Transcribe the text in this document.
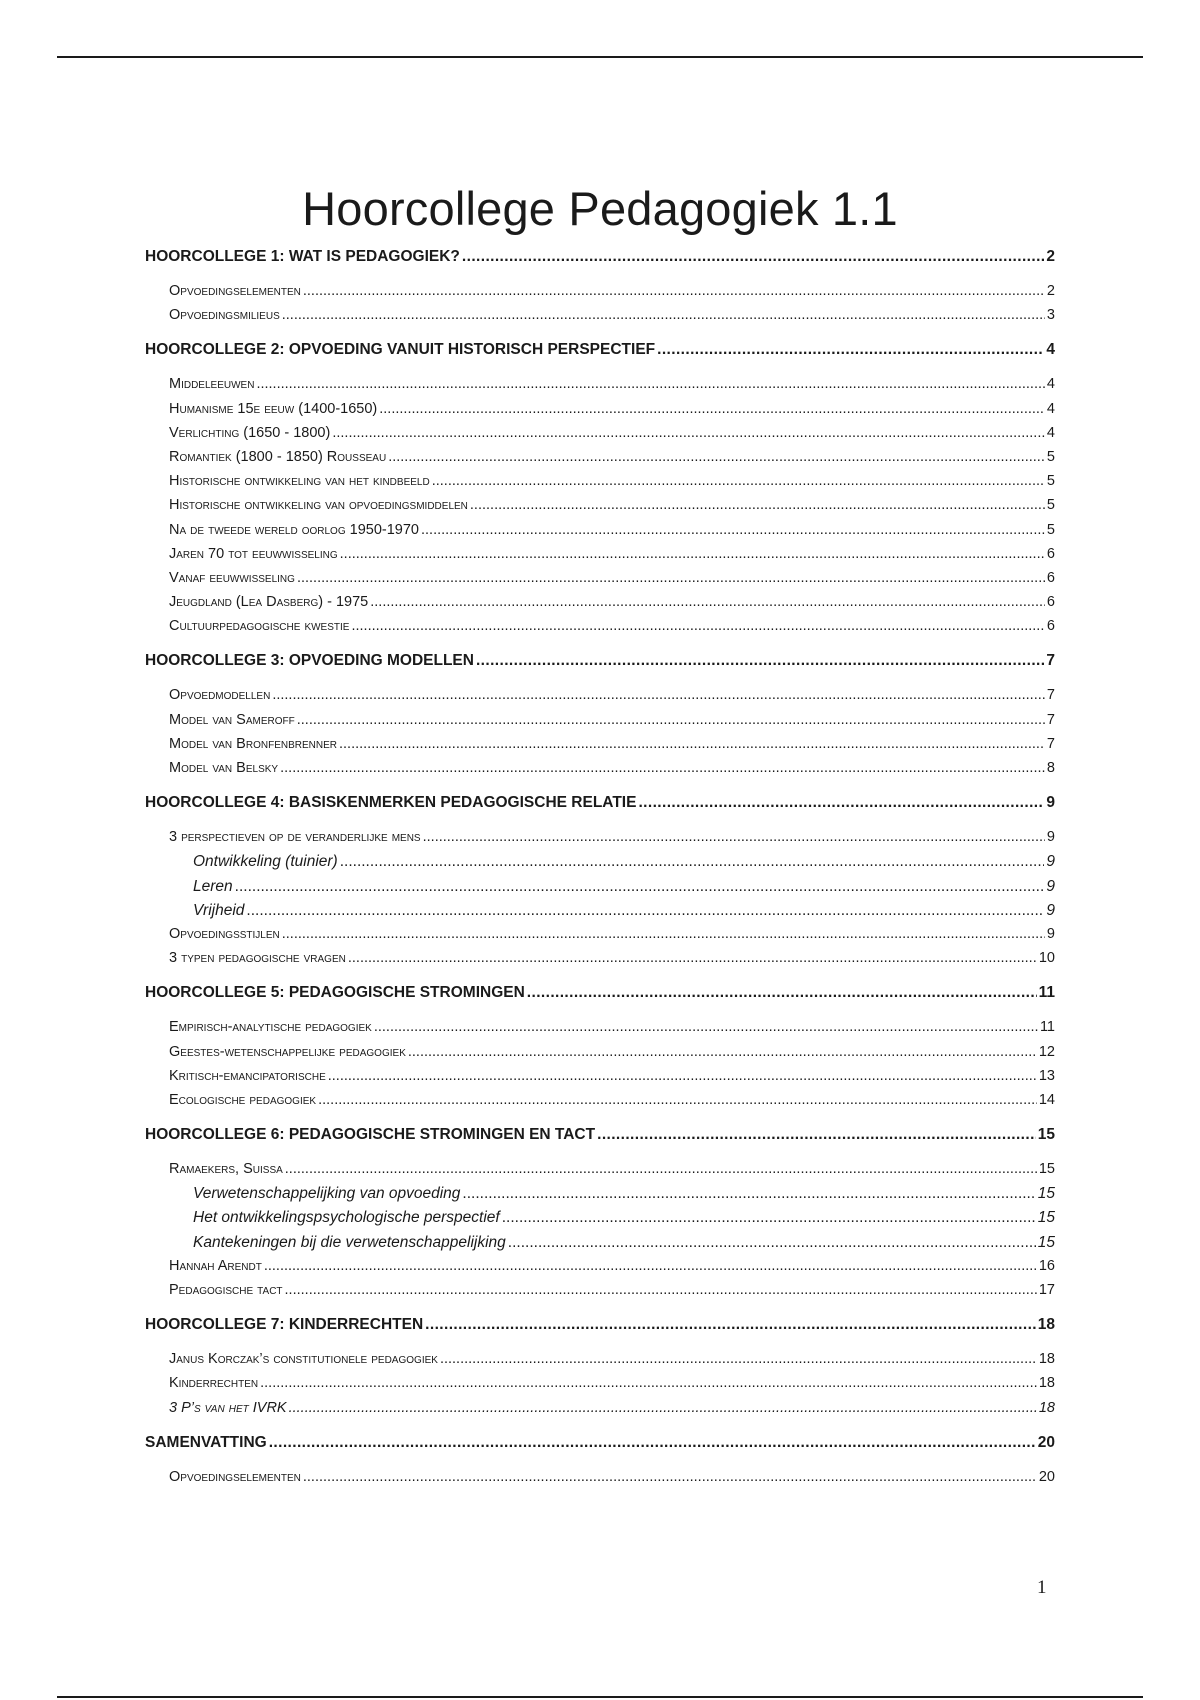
Hoorcollege Pedagogiek 1.1
HOORCOLLEGE 1: WAT IS PEDAGOGIEK? .....	2
Opvoedingselementen .....	2
Opvoedingsmilieus .....	3
HOORCOLLEGE 2: OPVOEDING VANUIT HISTORISCH PERSPECTIEF .....	4
Middeleeuwen .....	4
Humanisme 15e eeuw (1400-1650) .....	4
Verlichting (1650 - 1800) .....	4
Romantiek (1800 - 1850) Rousseau .....	5
Historische ontwikkeling van het kindbeeld .....	5
Historische ontwikkeling van opvoedingsmiddelen .....	5
Na de tweede wereld oorlog 1950-1970 .....	5
Jaren 70 tot eeuwwisseling .....	6
Vanaf eeuwwisseling .....	6
Jeugdland (Lea Dasberg) - 1975 .....	6
Cultuurpedagogische kwestie .....	6
HOORCOLLEGE 3: OPVOEDING MODELLEN .....	7
Opvoedmodellen .....	7
Model van Sameroff .....	7
Model van Bronfenbrenner .....	7
Model van Belsky .....	8
HOORCOLLEGE 4: BASISKENMERKEN PEDAGOGISCHE RELATIE .....	9
3 perspectieven op de veranderlijke mens .....	9
Ontwikkeling (tuinier) .....	9
Leren .....	9
Vrijheid .....	9
Opvoedingsstijlen .....	9
3 typen pedagogische vragen .....	10
HOORCOLLEGE 5: PEDAGOGISCHE STROMINGEN .....	11
Empirisch-analytische pedagogiek .....	11
Geestes-wetenschappelijke pedagogiek .....	12
Kritisch-emancipatorische .....	13
Ecologische pedagogiek .....	14
HOORCOLLEGE 6: PEDAGOGISCHE STROMINGEN EN TACT .....	15
Ramaekers, Suissa .....	15
Verwetenschappelijking van opvoeding .....	15
Het ontwikkelingspsychologische perspectief .....	15
Kantekeningen bij die verwetenschappelijking .....	15
Hannah Arendt .....	16
Pedagogische tact .....	17
HOORCOLLEGE 7: KINDERRECHTEN .....	18
Janus Korczak’s constitutionele pedagogiek .....	18
Kinderrechten .....	18
3 P’s van het IVRK .....	18
SAMENVATTING .....	20
Opvoedingselementen .....	20
1
